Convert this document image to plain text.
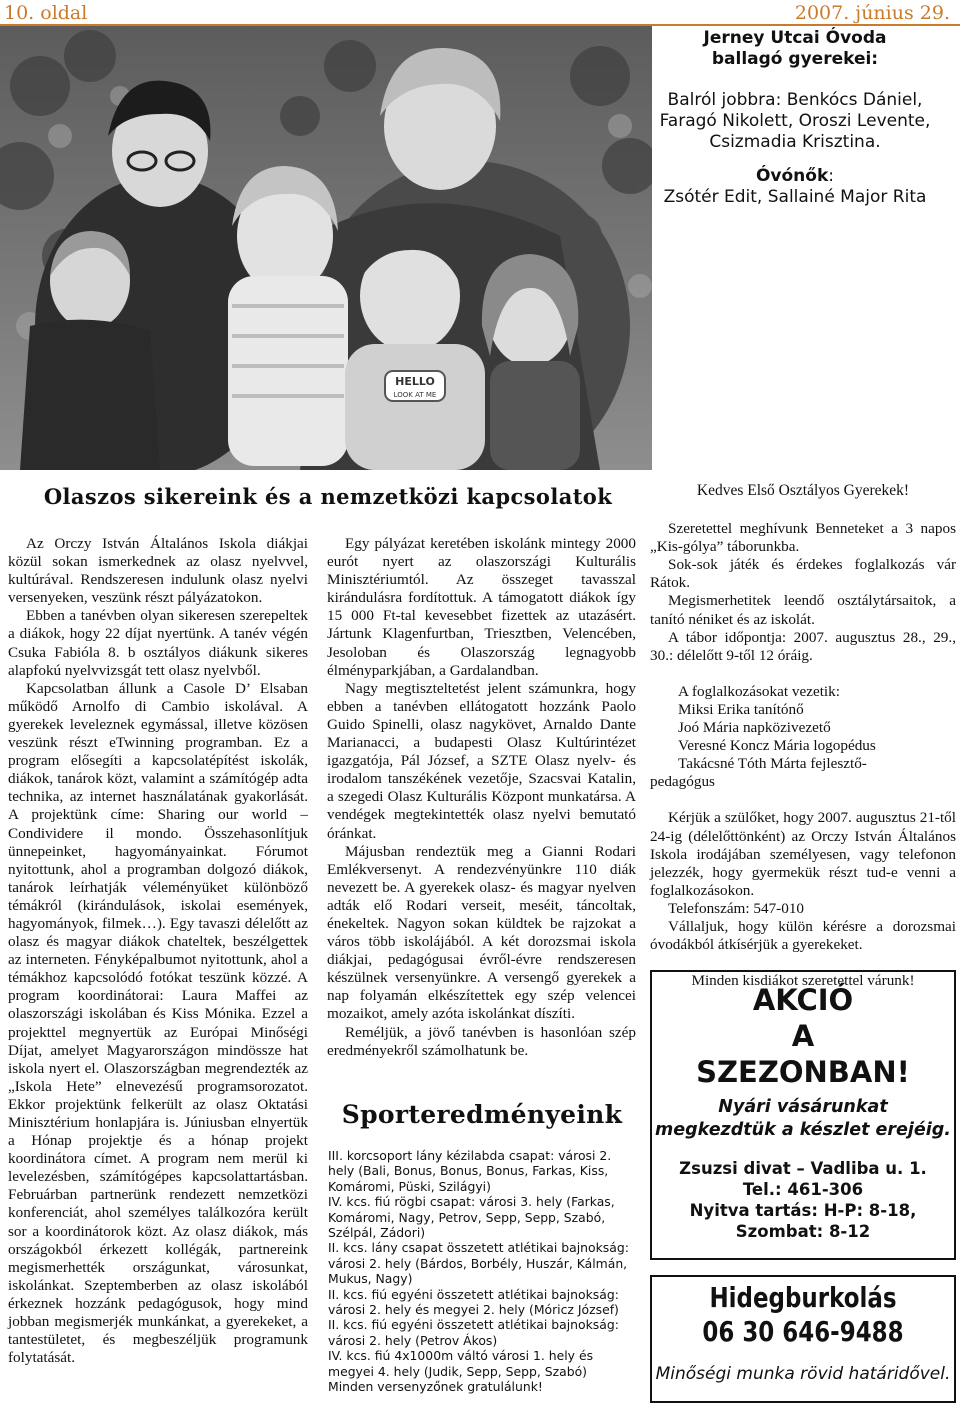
10. oldal	2007. június 29.
HELLO
LOOK AT ME
Jerney Utcai Óvoda
ballagó gyerekei:
Balról jobbra: Benkócs Dániel,
Faragó Nikolett, Oroszi Levente,
Csizmadia Krisztina.
Óvónők:
Zsótér Edit, Sallainé Major Rita
Olaszos sikereink és a nemzetközi kapcsolatok

Az Orczy István Általános Iskola diákjai közül sokan ismerkednek az olasz nyelvvel, kultúrával. Rendszeresen indulunk olasz nyelvi versenyeken, veszünk részt pályázatokon.

Ebben a tanévben olyan sikeresen szerepeltek a diákok, hogy 22 díjat nyertünk. A tanév végén Csuka Fabióla 8. b osztályos diákunk sikeres alapfokú nyelvvizsgát tett olasz nyelvből.

Kapcsolatban állunk a Casole D’ Elsaban működő Arnolfo di Cambio iskolával. A gyerekek leveleznek egymással, illetve közösen veszünk részt eTwinning programban. Ez a program elősegíti a kapcsolatépítést iskolák, diákok, tanárok közt, valamint a számítógép adta technika, az internet használatának gyakorlását. A projektünk címe: Sharing our world – Condividere il mondo. Összehasonlítjuk ünnepeinket, hagyományainkat. Fórumot nyitottunk, ahol a programban dolgozó diákok, tanárok leírhatják véleményüket különböző témákról (kirándulások, iskolai események, hagyományok, filmek…). Egy tavaszi délelőtt az olasz és magyar diákok chateltek, beszélgettek az interneten. Fényképalbumot nyitottunk, ahol a témákhoz kapcsolódó fotókat teszünk közzé. A program koordinátorai: Laura Maffei az olaszországi iskolában és Kiss Mónika. Ezzel a projekttel megnyertük az Európai Minőségi Díjat, amelyet Magyarországon mindössze hat iskola nyert el. Olaszországban megrendezték az „Iskola Hete” elnevezésű programsorozatot. Ekkor projektünk felkerült az olasz Oktatási Minisztérium honlapjára is. Júniusban elnyertük a Hónap projektje és a hónap projekt koordinátora címet. A program nem merül ki levelezésben, számítógépes kapcsolattartásban. Februárban partnerünk rendezett nemzetközi konferenciát, ahol személyes találkozóra került sor a koordinátorok közt. Az olasz diákok, más országokból érkezett kollégák, partnereink megismerhették országunkat, városunkat, iskolánkat. Szeptemberben az olasz iskolából érkeznek hozzánk pedagógusok, hogy mind jobban megismerjék munkánkat, a gyerekeket, a tantestületet, és megbeszéljük programunk folytatását.

Egy pályázat keretében iskolánk mintegy 2000 eurót nyert az olaszországi Kulturális Minisztériumtól. Az összeget tavasszal kirándulásra fordítottuk. A támogatott diákok így 15 000 Ft-tal kevesebbet fizettek az utazásért. Jártunk Klagenfurtban, Triesztben, Velencében, Jesoloban és Olaszország legnagyobb élményparkjában, a Gardalandban.

Nagy megtiszteltetést jelent számunkra, hogy ebben a tanévben ellátogatott hozzánk Paolo Guido Spinelli, olasz nagykövet, Arnaldo Dante Marianacci, a budapesti Olasz Kultúrintézet igazgatója, Pál József, a SZTE Olasz nyelv- és irodalom tanszékének vezetője, Szacsvai Katalin, a szegedi Olasz Kulturális Központ munkatársa. A vendégek megtekintették olasz nyelvi bemutató óránkat.

Májusban rendeztük meg a Gianni Rodari Emlékversenyt. A rendezvényünkre 110 diák nevezett be. A gyerekek olasz- és magyar nyelven adták elő Rodari verseit, meséit, táncoltak, énekeltek. Nagyon sokan küldtek be rajzokat a város több iskolájából. A két dorozsmai iskola diákjai, pedagógusai évről-évre rendszeresen készülnek versenyünkre. A versengő gyerekek a nap folyamán elkészítettek egy szép velencei mozaikot, amely azóta iskolánkat díszíti.

Reméljük, a jövő tanévben is hasonlóan szép eredményekről számolhatunk be.

Sporteredményeink
III. korcsoport lány kézilabda csapat: városi 2. hely (Bali, Bonus, Bonus, Bonus, Farkas, Kiss, Komáromi, Püski, Szilágyi)
IV. kcs. fiú rögbi csapat: városi 3. hely (Farkas, Komáromi, Nagy, Petrov, Sepp, Sepp, Szabó, Szélpál, Zádori)
II. kcs. lány csapat összetett atlétikai bajnokság: városi 2. hely (Bárdos, Borbély, Huszár, Kálmán, Mukus, Nagy)
II. kcs. fiú egyéni összetett atlétikai bajnokság: városi 2. hely és megyei 2. hely (Móricz József)
II. kcs. fiú egyéni összetett atlétikai bajnokság: városi 2. hely (Petrov Ákos)
IV. kcs. fiú 4x1000m váltó városi 1. hely és megyei 4. hely (Judik, Sepp, Sepp, Szabó)
Minden versenyzőnek gratulálunk!

Kedves Első Osztályos Gyerekek!

Szeretettel meghívunk Benneteket a 3 napos „Kis-gólya” táborunkba.

Sok-sok játék és érdekes foglalkozás vár Rátok.

Megismerhetitek leendő osztálytársaitok, a tanító néniket és az iskolát.

A tábor időpontja: 2007. augusztus 28., 29., 30.: délelőtt 9-től 12 óráig.

A foglalkozásokat vezetik:

Miksi Erika tanítónő

Joó Mária napközivezető

Veresné Koncz Mária logopédus

Takácsné Tóth Márta fejlesztő-

pedagógus

Kérjük a szülőket, hogy 2007. augusztus 21-től 24-ig (délelőttönként) az Orczy István Általános Iskola irodájában személyesen, vagy telefonon jelezzék, hogy gyermekük részt tud-e venni a foglalkozásokon.

Telefonszám: 547-010

Vállaljuk, hogy külön kérésre a dorozsmai óvodákból átkísérjük a gyerekeket.

Minden kisdiákot szeretettel várunk!

AKCIÓ
A
SZEZONBAN!
Nyári vásárunkat
megkezdtük a készlet erejéig.
Zsuzsi divat – Vadliba u. 1.
Tel.: 461-306
Nyitva tartás: H-P: 8-18,
Szombat: 8-12
Hidegburkolás
06 30 646-9488
Minőségi munka rövid határidővel.
